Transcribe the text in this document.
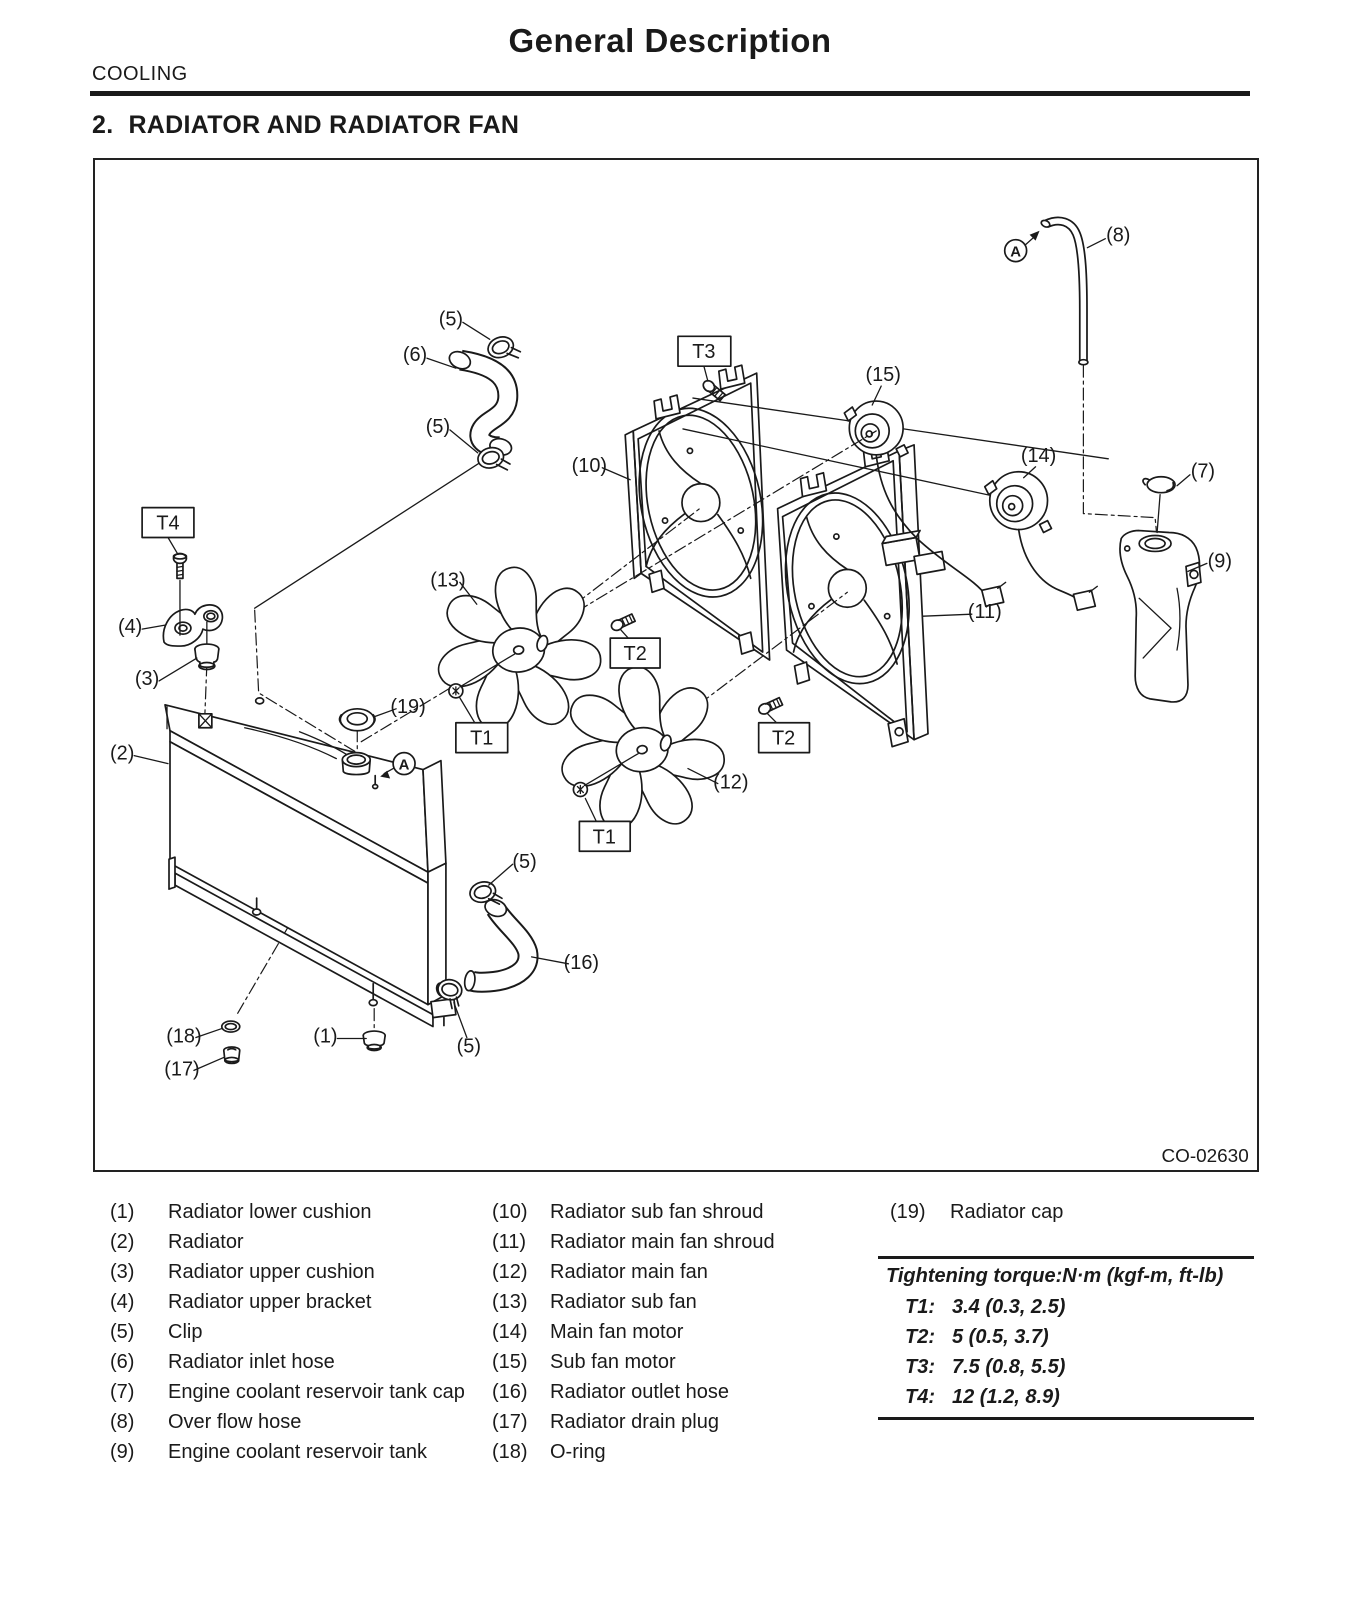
General Description
COOLING
2. RADIATOR AND RADIATOR FAN
A
A
T4
T3
T2
T2
T1
T1
(5)
(6)
(5)
(10)
(13)
(4)
(3)
(2)
(19)
(15)
(14)
(8)
(7)
(9)
(11)
(12)
(16)
(5)
(5)
(1)
(18)
(17)
CO-02630
(1)	Radiator lower cushion
(2)	Radiator
(3)	Radiator upper cushion
(4)	Radiator upper bracket
(5)	Clip
(6)	Radiator inlet hose
(7)	Engine coolant reservoir tank cap
(8)	Over flow hose
(9)	Engine coolant reservoir tank
(10)	Radiator sub fan shroud
(11)	Radiator main fan shroud
(12)	Radiator main fan
(13)	Radiator sub fan
(14)	Main fan motor
(15)	Sub fan motor
(16)	Radiator outlet hose
(17)	Radiator drain plug
(18)	O-ring
(19)	Radiator cap
Tightening torque:N·m (kgf-m, ft-lb)
T1: 3.4 (0.3, 2.5)
T2: 5 (0.5, 3.7)
T3: 7.5 (0.8, 5.5)
T4: 12 (1.2, 8.9)
